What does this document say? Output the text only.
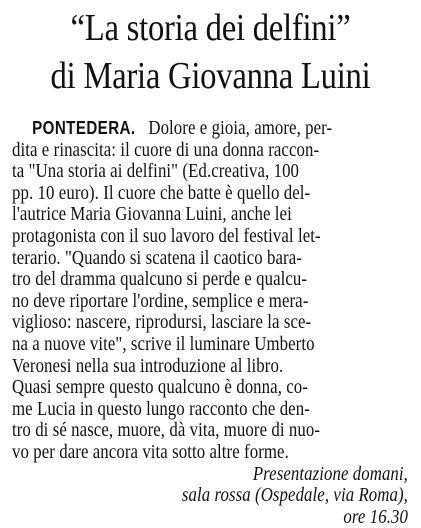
“La storia dei delfini”
di Maria Giovanna Luini
PONTEDERA. Dolore e gioia, amore, per-
dita e rinascita: il cuore di una donna raccon-
ta "Una storia ai delfini" (Ed.creativa, 100
pp. 10 euro). Il cuore che batte è quello del-
l'autrice Maria Giovanna Luini, anche lei
protagonista con il suo lavoro del festival let-
terario. "Quando si scatena il caotico bara-
tro del dramma qualcuno si perde e qualcu-
no deve riportare l'ordine, semplice e mera-
viglioso: nascere, riprodursi, lasciare la sce-
na a nuove vite", scrive il luminare Umberto
Veronesi nella sua introduzione al libro.
Quasi sempre questo qualcuno è donna, co-
me Lucia in questo lungo racconto che den-
tro di sé nasce, muore, dà vita, muore di nuo-
vo per dare ancora vita sotto altre forme.
Presentazione domani,
sala rossa (Ospedale, via Roma),
ore 16.30
